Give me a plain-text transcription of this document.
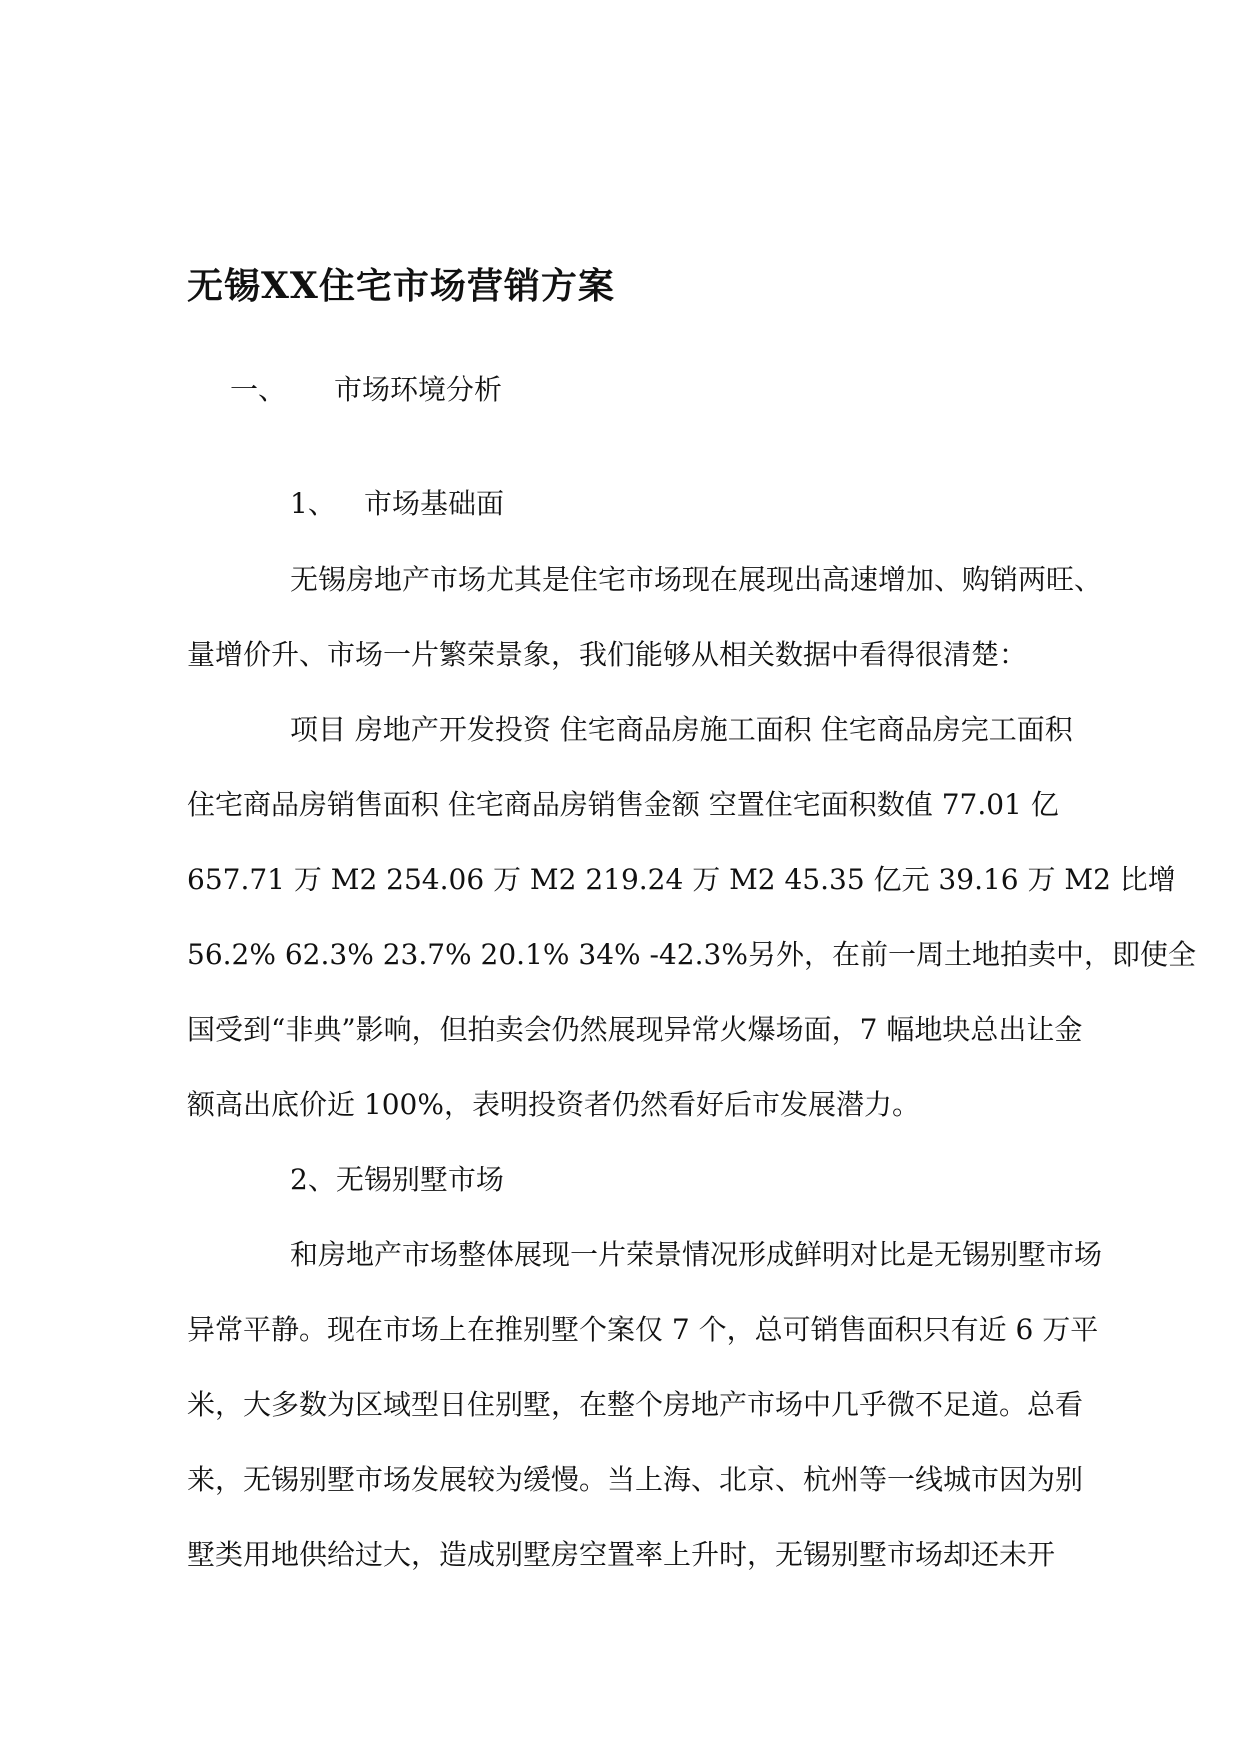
无锡XX住宅市场营销方案
一、 市场环境分析
1、 市场基础面
无锡房地产市场尤其是住宅市场现在展现出高速增加、购销两旺、
量增价升、市场一片繁荣景象，我们能够从相关数据中看得很清楚：
项目 房地产开发投资 住宅商品房施工面积 住宅商品房完工面积
住宅商品房销售面积 住宅商品房销售金额 空置住宅面积数值 77.01 亿
657.71 万 M2 254.06 万 M2 219.24 万 M2 45.35 亿元 39.16 万 M2 比增
56.2% 62.3% 23.7% 20.1% 34% -42.3%另外，在前一周土地拍卖中，即使全
国受到“非典”影响，但拍卖会仍然展现异常火爆场面，7 幅地块总出让金
额高出底价近 100%，表明投资者仍然看好后市发展潜力。
2、无锡别墅市场
和房地产市场整体展现一片荣景情况形成鲜明对比是无锡别墅市场
异常平静。现在市场上在推别墅个案仅 7 个，总可销售面积只有近 6 万平
米，大多数为区域型日住别墅，在整个房地产市场中几乎微不足道。总看
来，无锡别墅市场发展较为缓慢。当上海、北京、杭州等一线城市因为别
墅类用地供给过大，造成别墅房空置率上升时，无锡别墅市场却还未开
